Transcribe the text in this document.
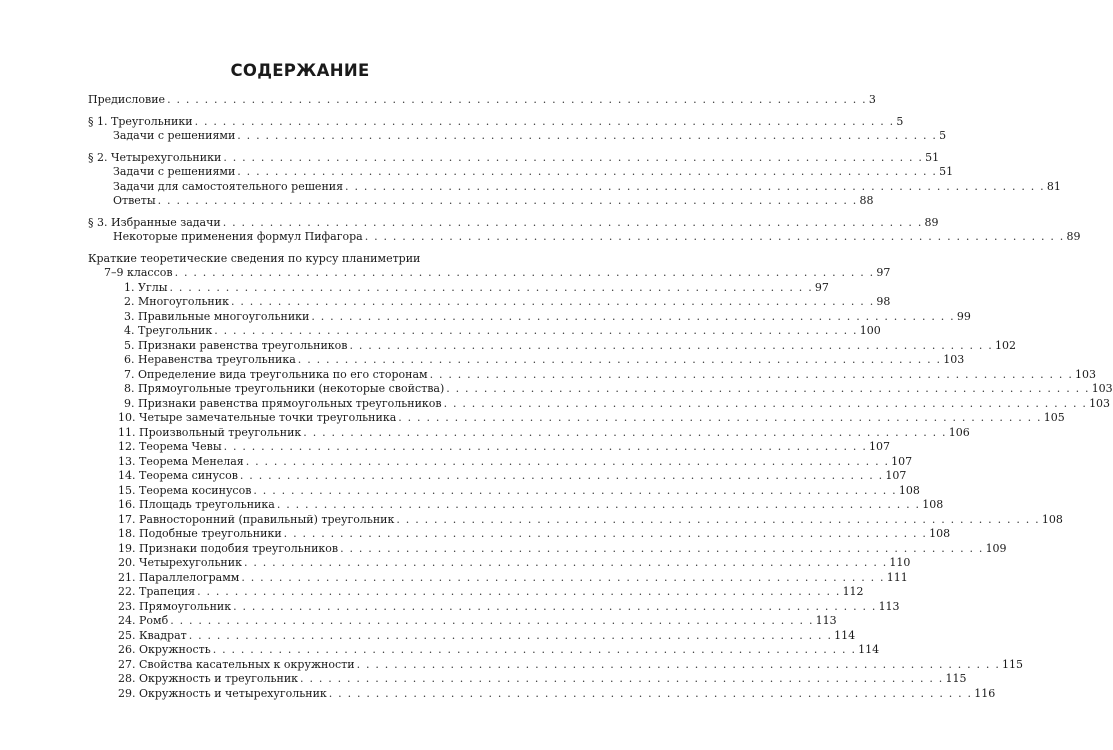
СОДЕРЖАНИЕ
Предисловие . . . . . . . . . . . . . . . . . . . . . . . . . . . . . . . . . . . . . . . . . . . . . . . . . . . . . . . . . . . . . . . . . . . . . . . . . . . 3
§ 1. Треугольники . . . . . . . . . . . . . . . . . . . . . . . . . . . . . . . . . . . . . . . . . . . . . . . . . . . . . . . . . . . . . . . . . . . . . . . . . . . 5
Задачи с решениями . . . . . . . . . . . . . . . . . . . . . . . . . . . . . . . . . . . . . . . . . . . . . . . . . . . . . . . . . . . . . . . . . . . . . . . . . . . 5
§ 2. Четырехугольники . . . . . . . . . . . . . . . . . . . . . . . . . . . . . . . . . . . . . . . . . . . . . . . . . . . . . . . . . . . . . . . . . . . . . . . . . . . 51
Задачи с решениями . . . . . . . . . . . . . . . . . . . . . . . . . . . . . . . . . . . . . . . . . . . . . . . . . . . . . . . . . . . . . . . . . . . . . . . . . . . 51
Задачи для самостоятельного решения . . . . . . . . . . . . . . . . . . . . . . . . . . . . . . . . . . . . . . . . . . . . . . . . . . . . . . . . . . . . . . . . . . . . . . . . . . . 81
Ответы . . . . . . . . . . . . . . . . . . . . . . . . . . . . . . . . . . . . . . . . . . . . . . . . . . . . . . . . . . . . . . . . . . . . . . . . . . . 88
§ 3. Избранные задачи . . . . . . . . . . . . . . . . . . . . . . . . . . . . . . . . . . . . . . . . . . . . . . . . . . . . . . . . . . . . . . . . . . . . . . . . . . . 89
Некоторые применения формул Пифагора . . . . . . . . . . . . . . . . . . . . . . . . . . . . . . . . . . . . . . . . . . . . . . . . . . . . . . . . . . . . . . . . . . . . . . . . . . . 89
Краткие теоретические сведения по курсу планиметрии
7–9 классов . . . . . . . . . . . . . . . . . . . . . . . . . . . . . . . . . . . . . . . . . . . . . . . . . . . . . . . . . . . . . . . . . . . . . . . . . . . 97
1. Углы . . . . . . . . . . . . . . . . . . . . . . . . . . . . . . . . . . . . . . . . . . . . . . . . . . . . . . . . . . . . . . . . . . . . . 97
2. Многоугольник . . . . . . . . . . . . . . . . . . . . . . . . . . . . . . . . . . . . . . . . . . . . . . . . . . . . . . . . . . . . . . . . . . . . . 98
3. Правильные многоугольники . . . . . . . . . . . . . . . . . . . . . . . . . . . . . . . . . . . . . . . . . . . . . . . . . . . . . . . . . . . . . . . . . . . . . 99
4. Треугольник . . . . . . . . . . . . . . . . . . . . . . . . . . . . . . . . . . . . . . . . . . . . . . . . . . . . . . . . . . . . . . . . . . . . . 100
5. Признаки равенства треугольников . . . . . . . . . . . . . . . . . . . . . . . . . . . . . . . . . . . . . . . . . . . . . . . . . . . . . . . . . . . . . . . . . . . . . 102
6. Неравенства треугольника . . . . . . . . . . . . . . . . . . . . . . . . . . . . . . . . . . . . . . . . . . . . . . . . . . . . . . . . . . . . . . . . . . . . . 103
7. Определение вида треугольника по его сторонам . . . . . . . . . . . . . . . . . . . . . . . . . . . . . . . . . . . . . . . . . . . . . . . . . . . . . . . . . . . . . . . . . . . . . 103
8. Прямоугольные треугольники (некоторые свойства) . . . . . . . . . . . . . . . . . . . . . . . . . . . . . . . . . . . . . . . . . . . . . . . . . . . . . . . . . . . . . . . . . . . . . 103
9. Признаки равенства прямоугольных треугольников . . . . . . . . . . . . . . . . . . . . . . . . . . . . . . . . . . . . . . . . . . . . . . . . . . . . . . . . . . . . . . . . . . . . . 103
10. Четыре замечательные точки треугольника . . . . . . . . . . . . . . . . . . . . . . . . . . . . . . . . . . . . . . . . . . . . . . . . . . . . . . . . . . . . . . . . . . . . . 105
11. Произвольный треугольник . . . . . . . . . . . . . . . . . . . . . . . . . . . . . . . . . . . . . . . . . . . . . . . . . . . . . . . . . . . . . . . . . . . . . 106
12. Теорема Чевы . . . . . . . . . . . . . . . . . . . . . . . . . . . . . . . . . . . . . . . . . . . . . . . . . . . . . . . . . . . . . . . . . . . . . 107
13. Теорема Менелая . . . . . . . . . . . . . . . . . . . . . . . . . . . . . . . . . . . . . . . . . . . . . . . . . . . . . . . . . . . . . . . . . . . . . 107
14. Теорема синусов . . . . . . . . . . . . . . . . . . . . . . . . . . . . . . . . . . . . . . . . . . . . . . . . . . . . . . . . . . . . . . . . . . . . . 107
15. Теорема косинусов . . . . . . . . . . . . . . . . . . . . . . . . . . . . . . . . . . . . . . . . . . . . . . . . . . . . . . . . . . . . . . . . . . . . . 108
16. Площадь треугольника . . . . . . . . . . . . . . . . . . . . . . . . . . . . . . . . . . . . . . . . . . . . . . . . . . . . . . . . . . . . . . . . . . . . . 108
17. Равносторонний (правильный) треугольник . . . . . . . . . . . . . . . . . . . . . . . . . . . . . . . . . . . . . . . . . . . . . . . . . . . . . . . . . . . . . . . . . . . . . 108
18. Подобные треугольники . . . . . . . . . . . . . . . . . . . . . . . . . . . . . . . . . . . . . . . . . . . . . . . . . . . . . . . . . . . . . . . . . . . . . 108
19. Признаки подобия треугольников . . . . . . . . . . . . . . . . . . . . . . . . . . . . . . . . . . . . . . . . . . . . . . . . . . . . . . . . . . . . . . . . . . . . . 109
20. Четырехугольник . . . . . . . . . . . . . . . . . . . . . . . . . . . . . . . . . . . . . . . . . . . . . . . . . . . . . . . . . . . . . . . . . . . . . 110
21. Параллелограмм . . . . . . . . . . . . . . . . . . . . . . . . . . . . . . . . . . . . . . . . . . . . . . . . . . . . . . . . . . . . . . . . . . . . . 111
22. Трапеция . . . . . . . . . . . . . . . . . . . . . . . . . . . . . . . . . . . . . . . . . . . . . . . . . . . . . . . . . . . . . . . . . . . . . 112
23. Прямоугольник . . . . . . . . . . . . . . . . . . . . . . . . . . . . . . . . . . . . . . . . . . . . . . . . . . . . . . . . . . . . . . . . . . . . . 113
24. Ромб . . . . . . . . . . . . . . . . . . . . . . . . . . . . . . . . . . . . . . . . . . . . . . . . . . . . . . . . . . . . . . . . . . . . . 113
25. Квадрат . . . . . . . . . . . . . . . . . . . . . . . . . . . . . . . . . . . . . . . . . . . . . . . . . . . . . . . . . . . . . . . . . . . . . 114
26. Окружность . . . . . . . . . . . . . . . . . . . . . . . . . . . . . . . . . . . . . . . . . . . . . . . . . . . . . . . . . . . . . . . . . . . . . 114
27. Свойства касательных к окружности . . . . . . . . . . . . . . . . . . . . . . . . . . . . . . . . . . . . . . . . . . . . . . . . . . . . . . . . . . . . . . . . . . . . . 115
28. Окружность и треугольник . . . . . . . . . . . . . . . . . . . . . . . . . . . . . . . . . . . . . . . . . . . . . . . . . . . . . . . . . . . . . . . . . . . . . 115
29. Окружность и четырехугольник . . . . . . . . . . . . . . . . . . . . . . . . . . . . . . . . . . . . . . . . . . . . . . . . . . . . . . . . . . . . . . . . . . . . . 116
